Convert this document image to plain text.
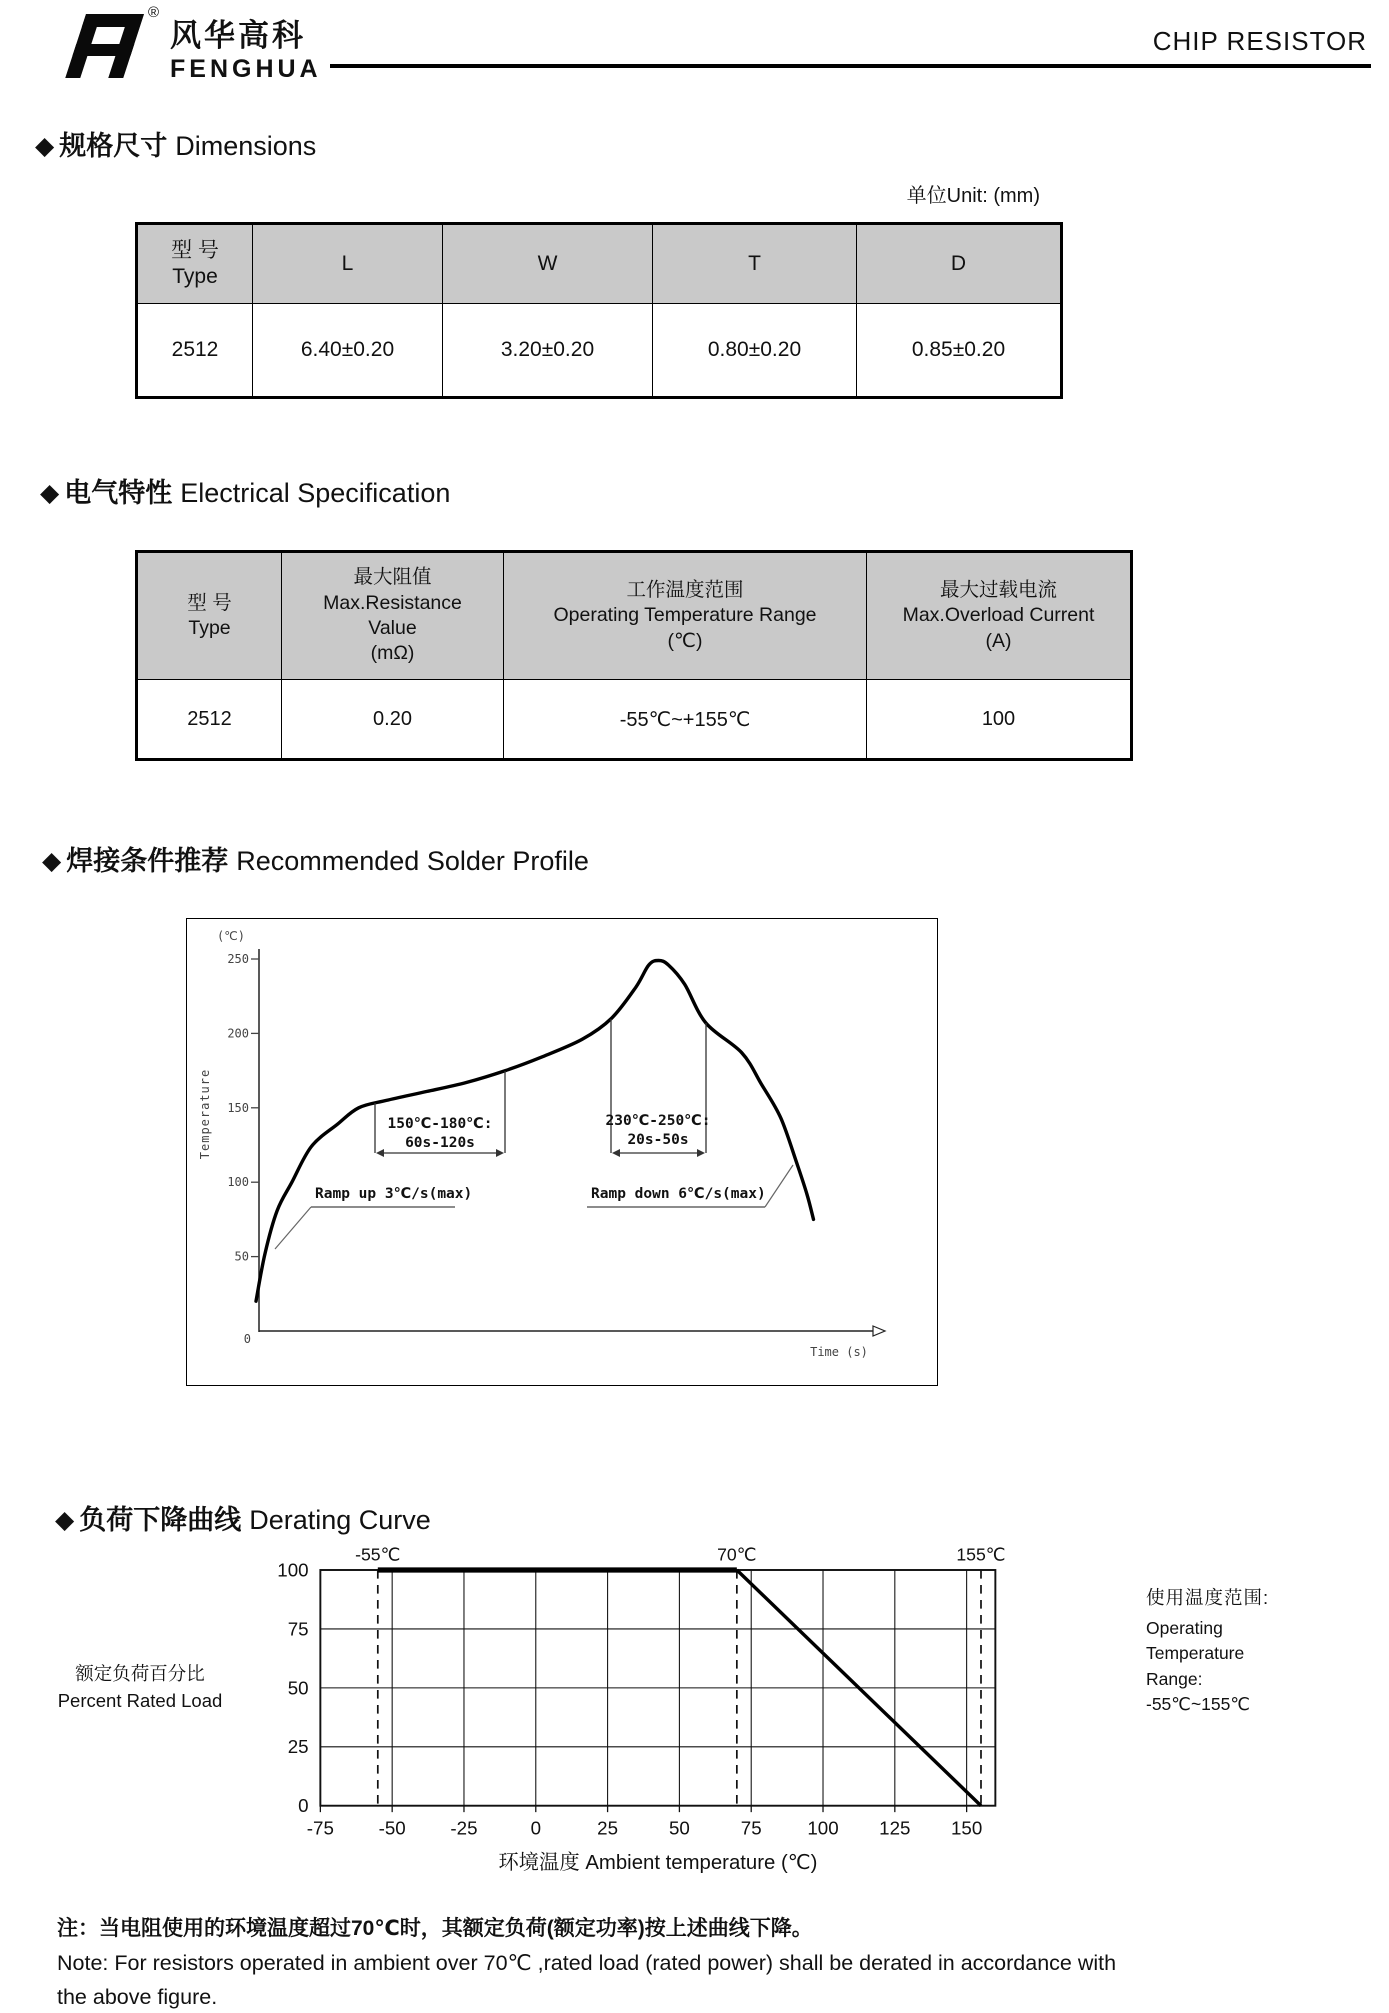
®
风华高科
FENGHUA
CHIP RESISTOR
◆ 规格尺寸 Dimensions
单位Unit: (mm)
型 号
Type	L	W	T	D
2512	6.40±0.20	3.20±0.20	0.80±0.20	0.85±0.20
◆ 电气特性 Electrical Specification
型 号
Type

最大阻值
Max.Resistance
Value
(mΩ)

工作温度范围
Operating Temperature Range
(℃)

最大过载电流
Max.Overload Current
(A)

2512	0.20	-55℃~+155℃	100
◆ 焊接条件推荐 Recommended Solder Profile
250
200
150
100
50
0
(℃)
Temperature
Time (s)
150℃-180℃:
60s-120s
230℃-250℃:
20s-50s
Ramp up 3℃/s(max)	Ramp down 6℃/s(max)
◆ 负荷下降曲线 Derating Curve
额定负荷百分比
Percent Rated Load
-55℃	70℃	155℃
100
75
50
25
0
-75	-50	-25	0	25	50	75	100 125 150
环境温度 Ambient temperature (℃)
使用温度范围:
Operating
Temperature
Range:
-55℃~155℃
注：当电阻使用的环境温度超过70℃时，其额定负荷(额定功率)按上述曲线下降。
Note: For resistors operated in ambient over 70℃ ,rated load (rated power) shall be derated in accordance with
the above figure.
